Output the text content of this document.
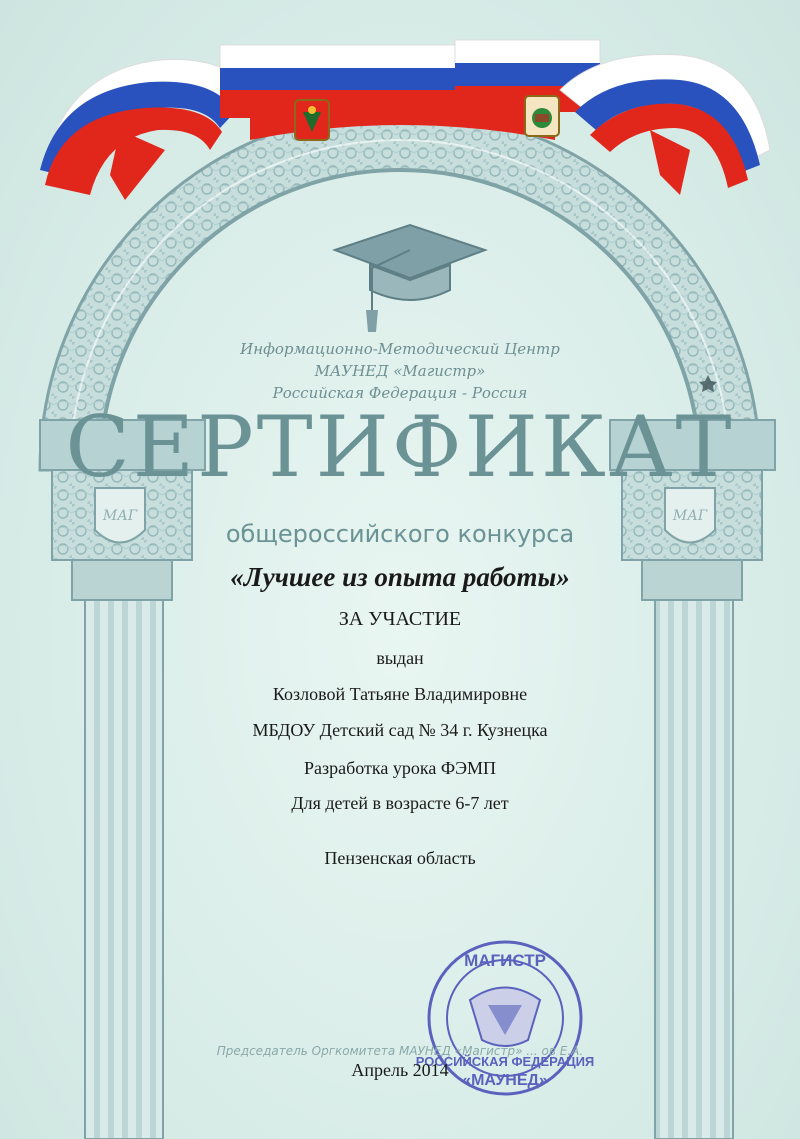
МАГ	МАГ
МАГИСТР
РОССИЙСКАЯ ФЕДЕРАЦИЯ
«МАУНЕД»
Информационно-Методический Центр
МАУНЕД «Магистр»
Российская Федерация - Россия
СЕРТИФИКАТ
общероссийского конкурса
«Лучшее из опыта работы»
ЗА УЧАСТИЕ
выдан
Козловой Татьяне Владимировне
МБДОУ Детский сад № 34 г. Кузнецка
Разработка урока ФЭМП
Для детей в возрасте 6-7 лет
Пензенская область
Председатель Оргкомитета МАУНЕД «Магистр» ... ов Е.А.
Апрель 2014
